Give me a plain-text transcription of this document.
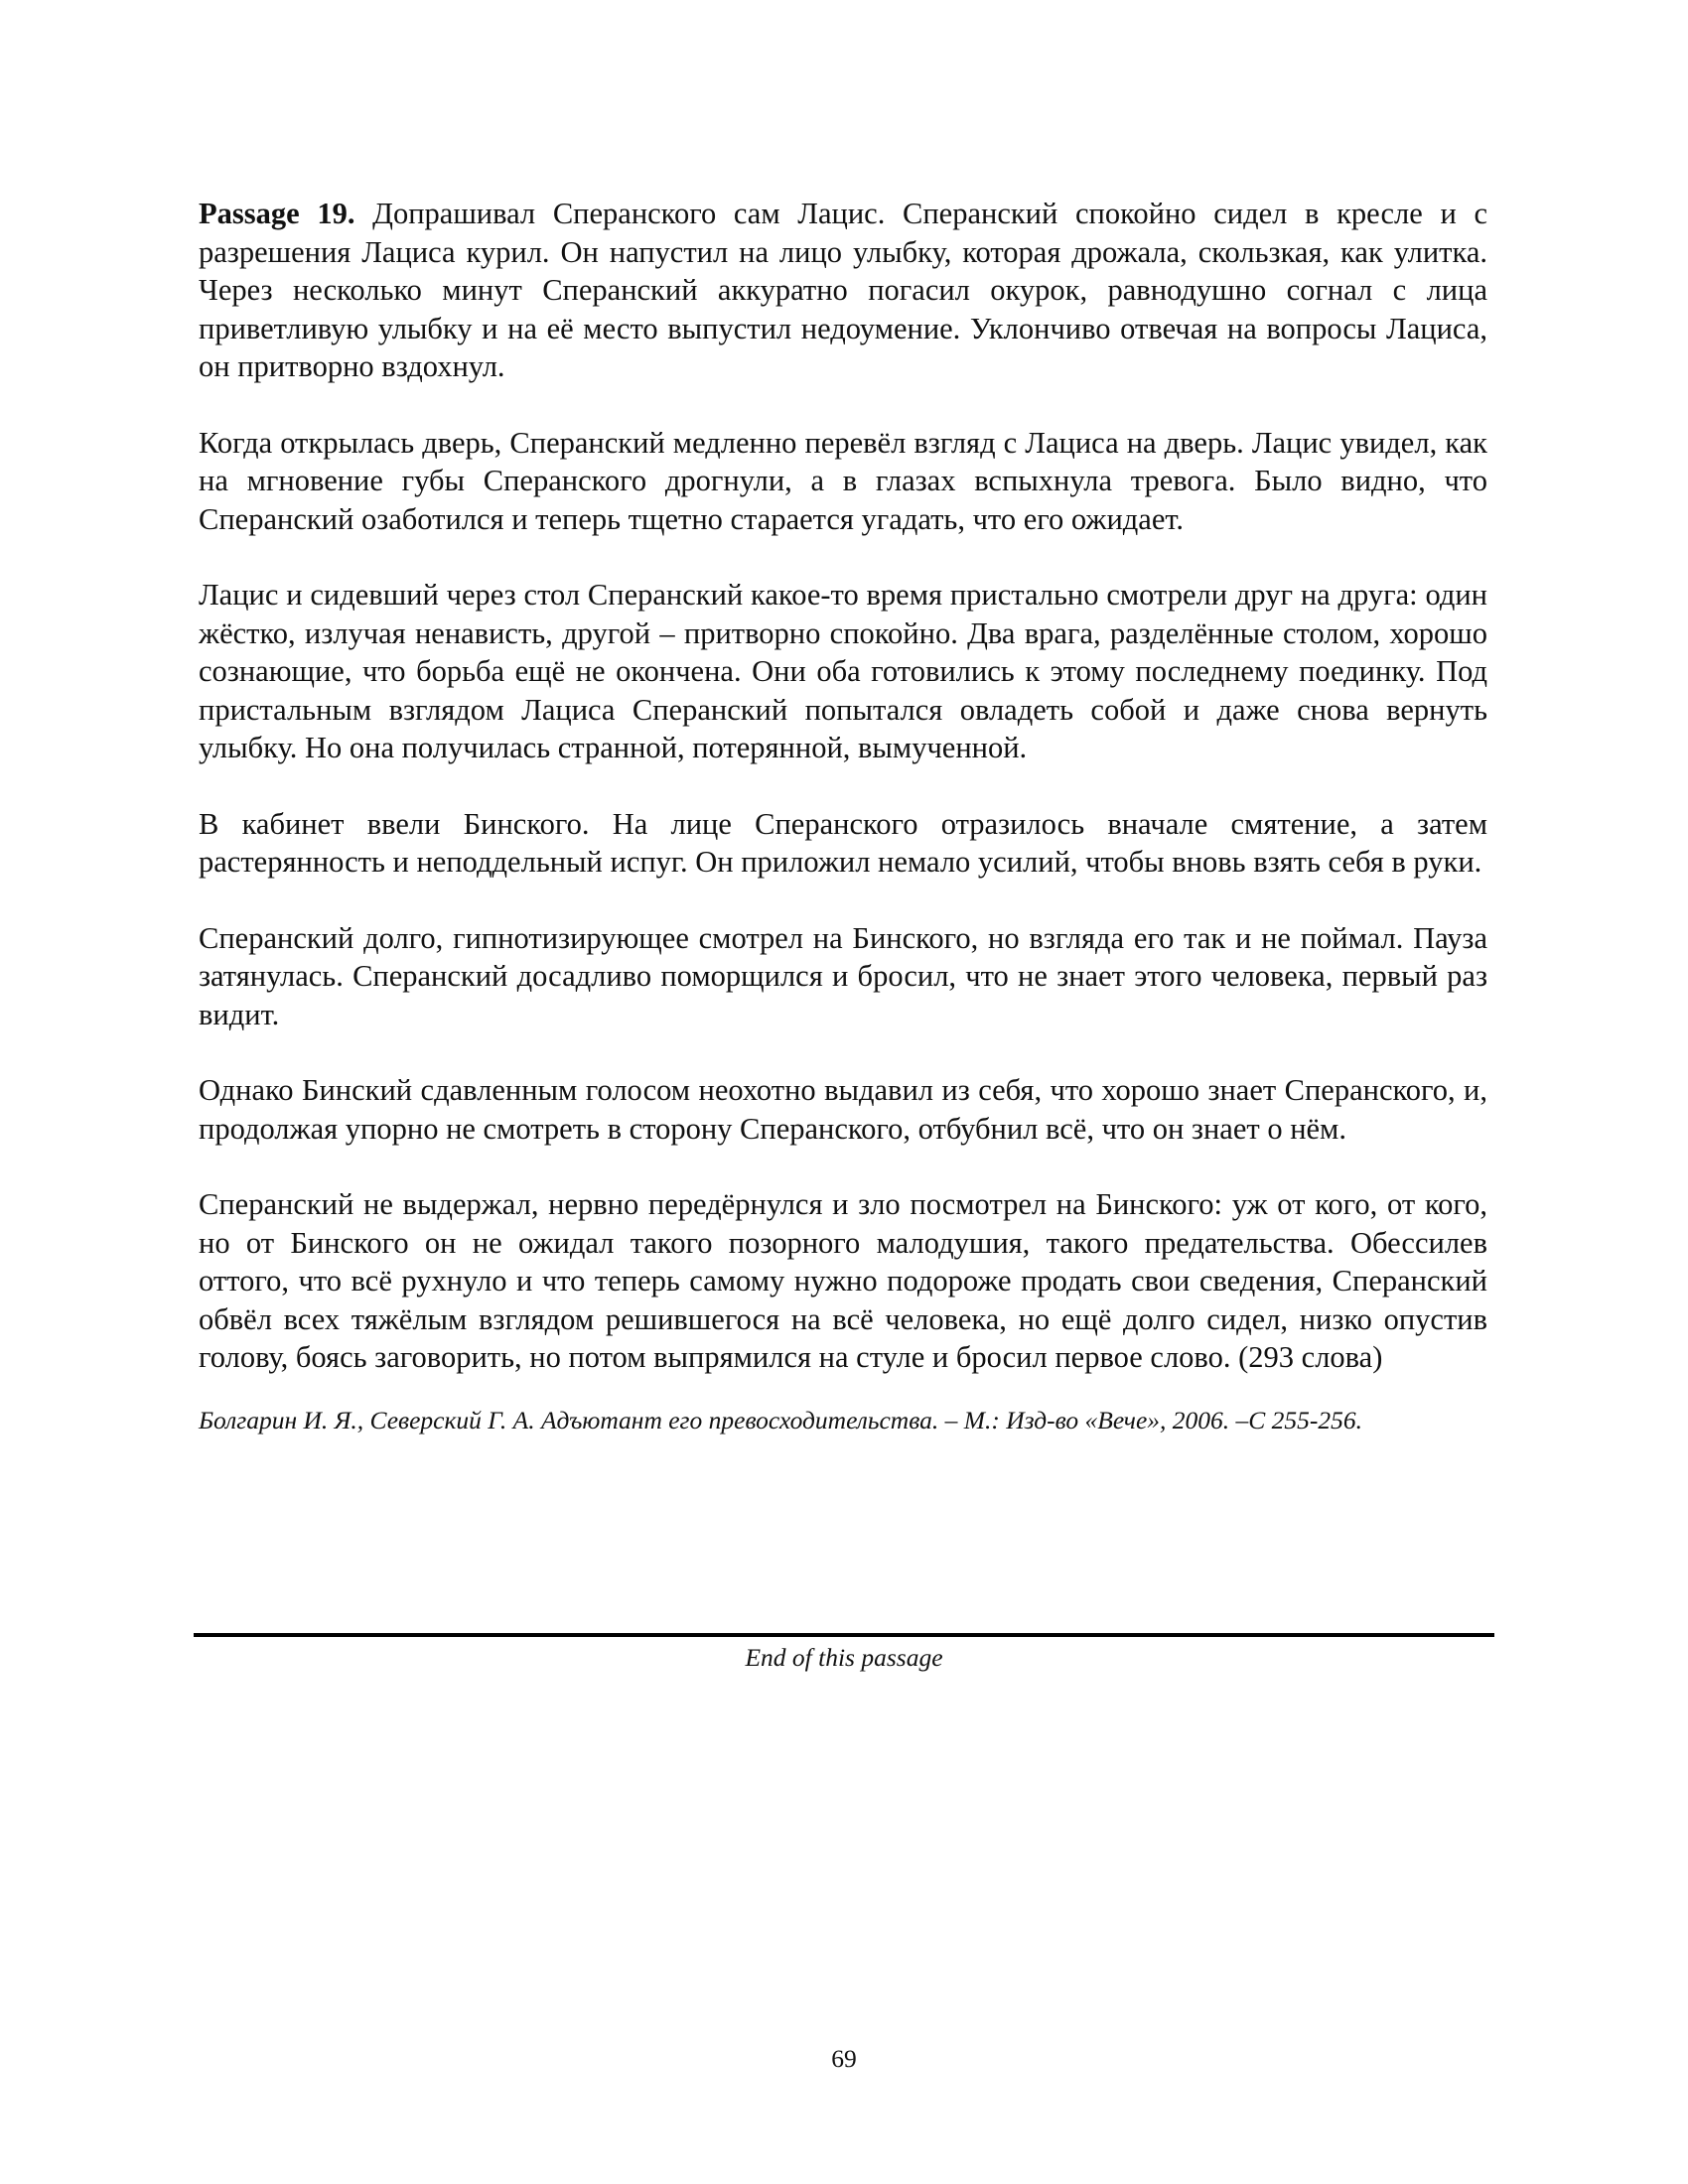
Passage 19. Допрашивал Сперанского сам Лацис. Сперанский спокойно сидел в кресле и с разрешения Лациса курил. Он напустил на лицо улыбку, которая дрожала, скользкая, как улитка. Через несколько минут Сперанский аккуратно погасил окурок, равнодушно согнал с лица приветливую улыбку и на её место выпустил недоумение. Уклончиво отвечая на вопросы Лациса, он притворно вздохнул.

Когда открылась дверь, Сперанский медленно перевёл взгляд с Лациса на дверь. Лацис увидел, как на мгновение губы Сперанского дрогнули, а в глазах вспыхнула тревога. Было видно, что Сперанский озаботился и теперь тщетно старается угадать, что его ожидает.

Лацис и сидевший через стол Сперанский какое-то время пристально смотрели друг на друга: один жёстко, излучая ненависть, другой – притворно спокойно. Два врага, разделённые столом, хорошо сознающие, что борьба ещё не окончена. Они оба готовились к этому последнему поединку. Под пристальным взглядом Лациса Сперанский попытался овладеть собой и даже снова вернуть улыбку. Но она получилась странной, потерянной, вымученной.

В кабинет ввели Бинского. На лице Сперанского отразилось вначале смятение, а затем растерянность и неподдельный испуг. Он приложил немало усилий, чтобы вновь взять себя в руки.

Сперанский долго, гипнотизирующее смотрел на Бинского, но взгляда его так и не поймал. Пауза затянулась. Сперанский досадливо поморщился и бросил, что не знает этого человека, первый раз видит.

Однако Бинский сдавленным голосом неохотно выдавил из себя, что хорошо знает Сперанского, и, продолжая упорно не смотреть в сторону Сперанского, отбубнил всё, что он знает о нём.

Сперанский не выдержал, нервно передёрнулся и зло посмотрел на Бинского: уж от кого, от кого, но от Бинского он не ожидал такого позорного малодушия, такого предательства. Обессилев оттого, что всё рухнуло и что теперь самому нужно подороже продать свои сведения, Сперанский обвёл всех тяжёлым взглядом решившегося на всё человека, но ещё долго сидел, низко опустив голову, боясь заговорить, но потом выпрямился на стуле и бросил первое слово. (293 слова)

Болгарин И. Я., Северский Г. А. Адъютант его превосходительства. – М.: Изд-во «Вече», 2006. –С 255-256.

End of this passage
69
